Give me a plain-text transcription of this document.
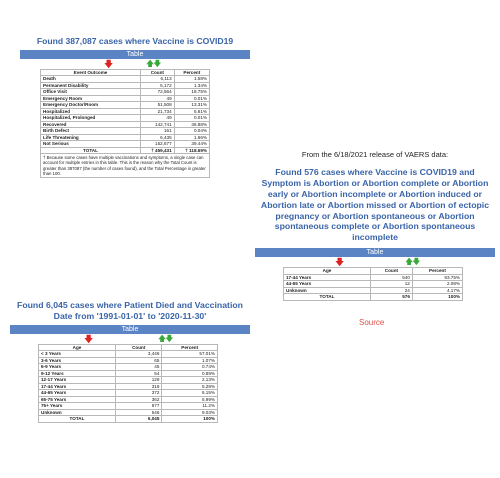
Found 387,087 cases where Vaccine is COVID19
Table
🡇	🡅🡇
Event Outcome	Count	Percent
Death	6,113	1.58%
Permanent Disability	5,172	1.34%
Office Visit	72,564	18.75%
Emergency Room	49	0.01%
Emergency Doctor/Room	51,508	13.31%
Hospitalized	21,734	5.61%
Hospitalized, Prolonged	49	0.01%
Recovered	142,741	36.88%
Birth Defect	161	0.04%
Life Threatening	6,435	1.66%
Not Serious	152,677	39.44%
TOTAL	† 459,431	† 118.69%
† Because some cases have multiple vaccinations and symptoms, a single case can account for multiple entries in this table. This is the reason why the Total Count is greater than 387087 (the number of cases found), and the Total Percentage is greater than 100.
From the 6/18/2021 release of VAERS data:
Found 576 cases where Vaccine is COVID19 and Symptom is Abortion or Abortion complete or Abortion early or Abortion incomplete or Abortion induced or Abortion late or Abortion missed or Abortion of ectopic pregnancy or Abortion spontaneous or Abortion spontaneous complete or Abortion spontaneous incomplete
Table
🡇	🡅🡇
Age	Count	Percent
17-44 Years	540	93.75%
44-65 Years	12	2.08%
Unknown	24	4.17%
TOTAL	576	100%
Source
Found 6,045 cases where Patient Died and Vaccination Date from '1991-01-01' to '2020-11-30'
Table
🡇	🡅🡇
Age	Count	Percent
< 3 Years	3,446	57.01%
3-6 Years	65	1.07%
6-9 Years	45	0.74%
9-12 Years	54	0.89%
12-17 Years	129	2.13%
17-44 Years	319	5.28%
44-65 Years	372	6.15%
65-75 Years	362	5.99%
75+ Years	677	11.2%
Unknown	546	9.03%
TOTAL	6,045	100%
